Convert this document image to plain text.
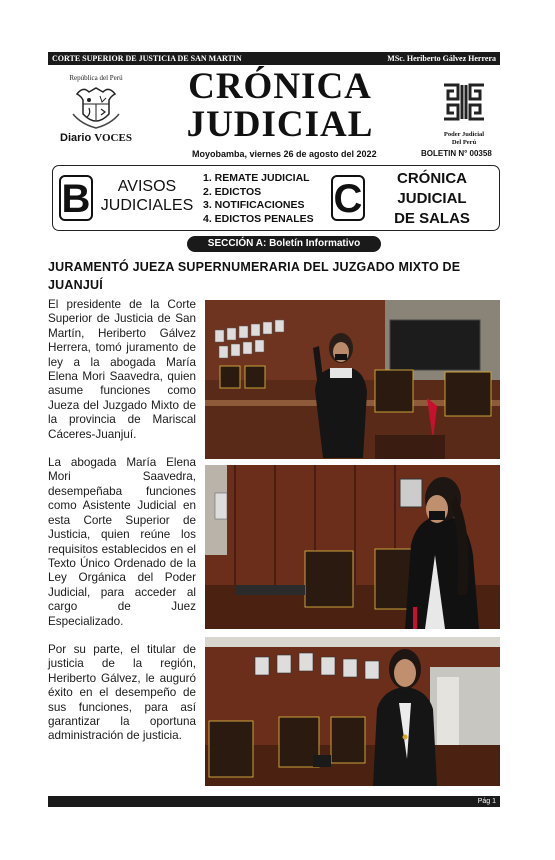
CORTE SUPERIOR DE JUSTICIA DE SAN MARTIN	MSc. Heriberto Gálvez Herrera
República del Perú
Diario VOCES
CRÓNICA
JUDICIAL
Moyobamba, viernes 26 de agosto del 2022	BOLETIN N° 00358
Poder Judicial
Del Perú
B	AVISOS
JUDICIALES
1. REMATE JUDICIAL
2. EDICTOS
3. NOTIFICACIONES
4. EDICTOS PENALES C	CRÓNICA
JUDICIAL
DE SALAS
SECCIÓN A: Boletín Informativo
JURAMENTÓ JUEZA SUPERNUMERARIA DEL JUZGADO MIXTO DE JUANJUÍ

El presidente de la Corte Superior de Justicia de San Martín, Heriberto Gálvez Herrera, tomó juramento de ley a la abogada María Elena Mori Saavedra, quien asume funciones como Jueza del Juzgado Mixto de la provincia de Mariscal Cáceres-Juanjuí.

La abogada María Elena Mori Saavedra, desempeñaba funciones como Asistente Judicial en esta Corte Superior de Justicia, quien reúne los requisitos establecidos en el Texto Único Ordenado de la Ley Orgánica del Poder Judicial, para acceder al cargo de Juez Especializado.

Por su parte, el titular de justicia de la región, Heriberto Gálvez, le auguró éxito en el desempeño de sus funciones, para así garantizar la oportuna administración de justicia.

Pág 1
